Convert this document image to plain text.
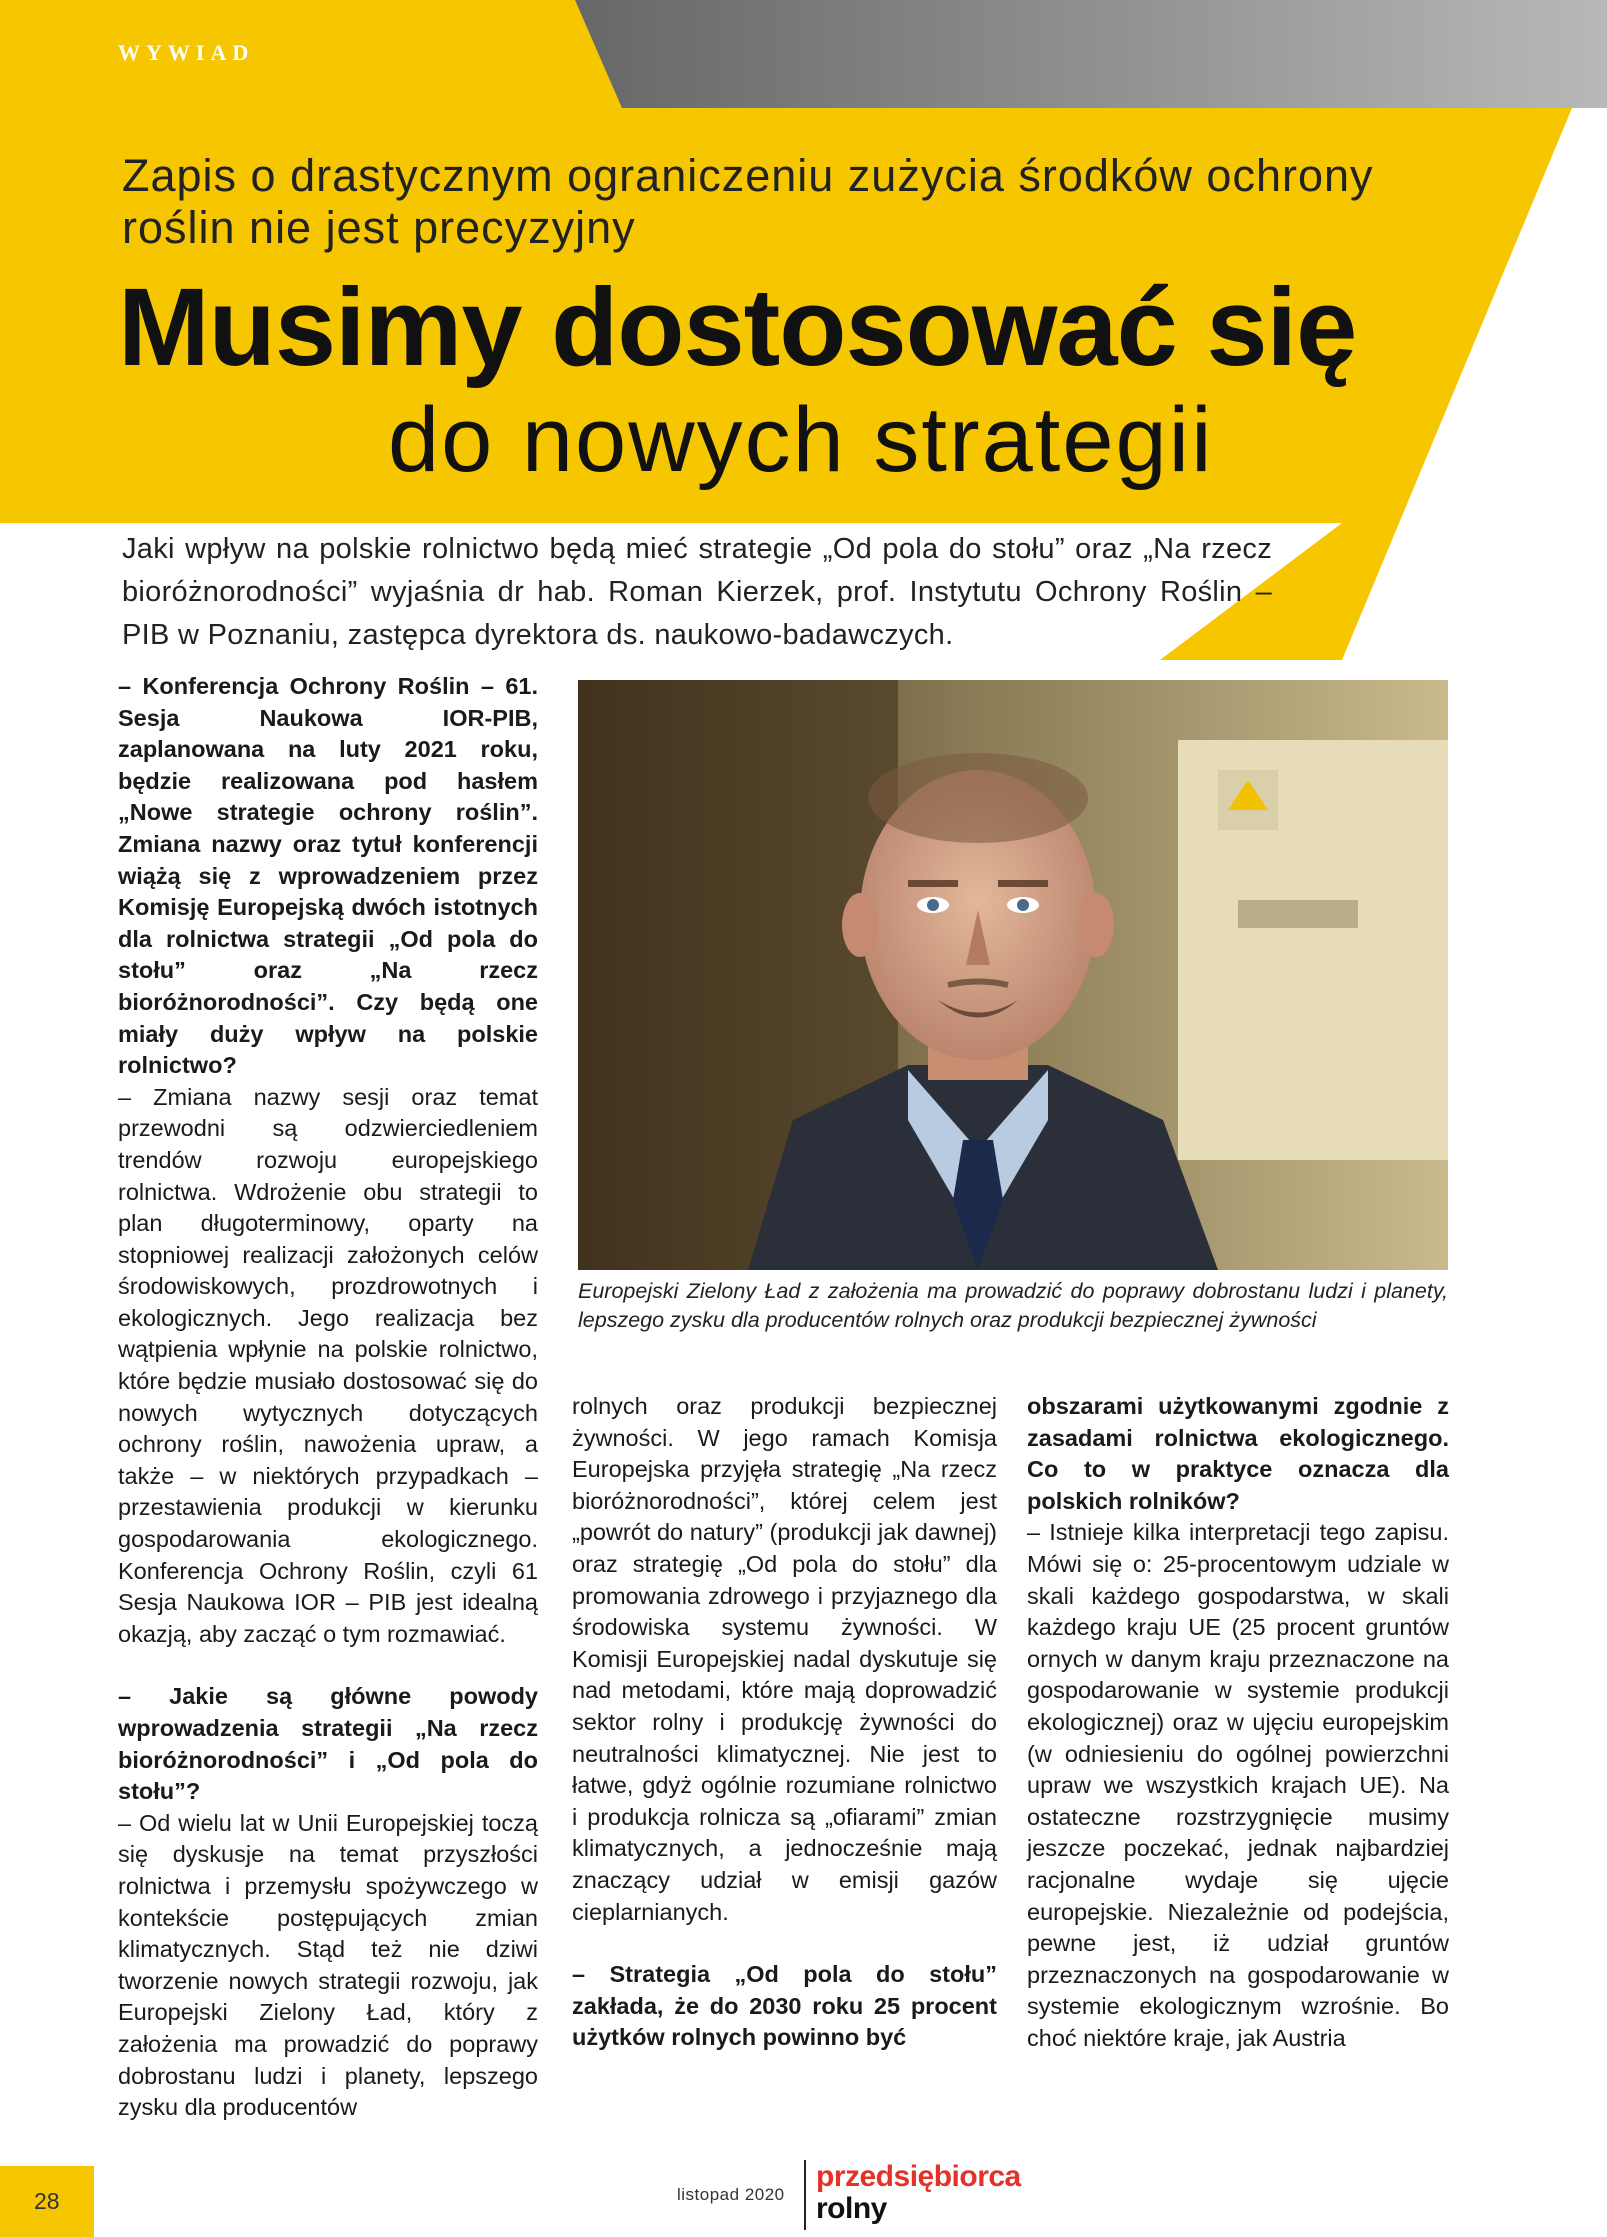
WYWIAD
Zapis o drastycznym ograniczeniu zużycia środków ochrony roślin nie jest precyzyjny
Musimy dostosować się
do nowych strategii
Jaki wpływ na polskie rolnictwo będą mieć strategie „Od pola do stołu” oraz „Na rzecz bioróżnorodności” wyjaśnia dr hab. Roman Kierzek, prof. Instytutu Ochrony Roślin – PIB w Poznaniu, zastępca dyrektora ds. naukowo-badawczych.

– Konferencja Ochrony Roślin – 61. Sesja Naukowa IOR-PIB, zaplanowana na luty 2021 roku, będzie realizowana pod hasłem „Nowe strategie ochrony roślin”. Zmiana nazwy oraz tytuł konferencji wiążą się z wprowadzeniem przez Komisję Europejską dwóch istotnych dla rolnictwa strategii „Od pola do stołu” oraz „Na rzecz bioróżnorodności”. Czy będą one miały duży wpływ na polskie rolnictwo?

– Zmiana nazwy sesji oraz temat przewodni są odzwierciedleniem trendów rozwoju europejskiego rolnictwa. Wdrożenie obu strategii to plan długoterminowy, oparty na stopniowej realizacji założonych celów środowiskowych, prozdrowotnych i ekologicznych. Jego realizacja bez wątpienia wpłynie na polskie rolnictwo, które będzie musiało dostosować się do nowych wytycznych dotyczących ochrony roślin, nawożenia upraw, a także – w niektórych przypadkach – przestawienia produkcji w kierunku gospodarowania ekologicznego. Konferencja Ochrony Roślin, czyli 61 Sesja Naukowa IOR – PIB jest idealną okazją, aby zacząć o tym rozmawiać.

– Jakie są główne powody wprowadzenia strategii „Na rzecz bioróżnorodności” i „Od pola do stołu”?

– Od wielu lat w Unii Europejskiej toczą się dyskusje na temat przyszłości rolnictwa i przemysłu spożywczego w kontekście postępujących zmian klimatycznych. Stąd też nie dziwi tworzenie nowych strategii rozwoju, jak Europejski Zielony Ład, który z założenia ma prowadzić do poprawy dobrostanu ludzi i planety, lepszego zysku dla producentów

Europejski Zielony Ład z założenia ma prowadzić do poprawy dobrostanu ludzi i planety, lepszego zysku dla producentów rolnych oraz produkcji bezpiecznej żywności

rolnych oraz produkcji bezpiecznej żywności. W jego ramach Komisja Europejska przyjęła strategię „Na rzecz bioróżnorodności”, której celem jest „powrót do natury” (produkcji jak dawnej) oraz strategię „Od pola do stołu” dla promowania zdrowego i przyjaznego dla środowiska systemu żywności. W Komisji Europejskiej nadal dyskutuje się nad metodami, które mają doprowadzić sektor rolny i produkcję żywności do neutralności klimatycznej. Nie jest to łatwe, gdyż ogólnie rozumiane rolnictwo i produkcja rolnicza są „ofiarami” zmian klimatycznych, a jednocześnie mają znaczący udział w emisji gazów cieplarnianych.

– Strategia „Od pola do stołu” zakłada, że do 2030 roku 25 procent użytków rolnych powinno być

obszarami użytkowanymi zgodnie z zasadami rolnictwa ekologicznego. Co to w praktyce oznacza dla polskich rolników?

– Istnieje kilka interpretacji tego zapisu. Mówi się o: 25-procentowym udziale w skali każdego gospodarstwa, w skali każdego kraju UE (25 procent gruntów ornych w danym kraju przeznaczone na gospodarowanie w systemie produkcji ekologicznej) oraz w ujęciu europejskim (w odniesieniu do ogólnej powierzchni upraw we wszystkich krajach UE). Na ostateczne rozstrzygnięcie musimy jeszcze poczekać, jednak najbardziej racjonalne wydaje się ujęcie europejskie. Niezależnie od podejścia, pewne jest, iż udział gruntów przeznaczonych na gospodarowanie w systemie ekologicznym wzrośnie. Bo choć niektóre kraje, jak Austria

28	listopad 2020
przedsiębiorca
rolny
